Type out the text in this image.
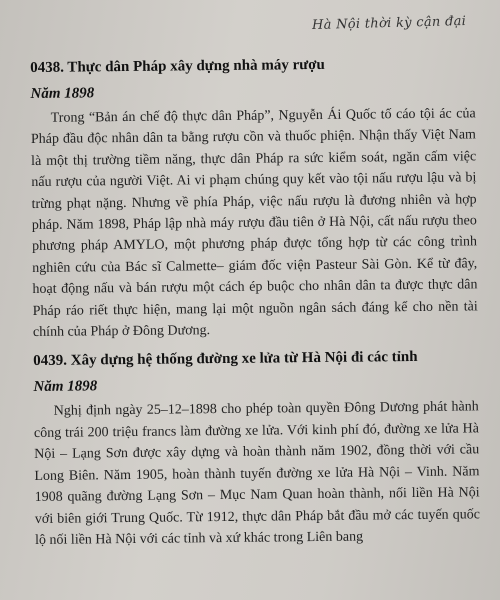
Hà Nội thời kỳ cận đại
0438. Thực dân Pháp xây dựng nhà máy rượu
Năm 1898

Trong “Bản án chế độ thực dân Pháp”, Nguyễn Ái Quốc tố cáo tội ác của Pháp đầu độc nhân dân ta bằng rượu cồn và thuốc phiện. Nhận thấy Việt Nam là một thị trường tiềm năng, thực dân Pháp ra sức kiểm soát, ngăn cấm việc nấu rượu của người Việt. Ai vi phạm chúng quy kết vào tội nấu rượu lậu và bị trừng phạt nặng. Nhưng về phía Pháp, việc nấu rượu là đương nhiên và hợp pháp. Năm 1898, Pháp lập nhà máy rượu đầu tiên ở Hà Nội, cất nấu rượu theo phương pháp AMYLO, một phương pháp được tổng hợp từ các công trình nghiên cứu của Bác sĩ Calmette– giám đốc viện Pasteur Sài Gòn. Kể từ đây, hoạt động nấu và bán rượu một cách ép buộc cho nhân dân ta được thực dân Pháp ráo riết thực hiện, mang lại một nguồn ngân sách đáng kể cho nền tài chính của Pháp ở Đông Dương.

0439. Xây dựng hệ thống đường xe lửa từ Hà Nội đi các tỉnh
Năm 1898

Nghị định ngày 25–12–1898 cho phép toàn quyền Đông Dương phát hành công trái 200 triệu francs làm đường xe lửa. Với kinh phí đó, đường xe lửa Hà Nội – Lạng Sơn được xây dựng và hoàn thành năm 1902, đồng thời với cầu Long Biên. Năm 1905, hoàn thành tuyến đường xe lửa Hà Nội – Vinh. Năm 1908 quãng đường Lạng Sơn – Mục Nam Quan hoàn thành, nối liền Hà Nội với biên giới Trung Quốc. Từ 1912, thực dân Pháp bắt đầu mở các tuyến quốc lộ nối liền Hà Nội với các tỉnh và xứ khác trong Liên bang
